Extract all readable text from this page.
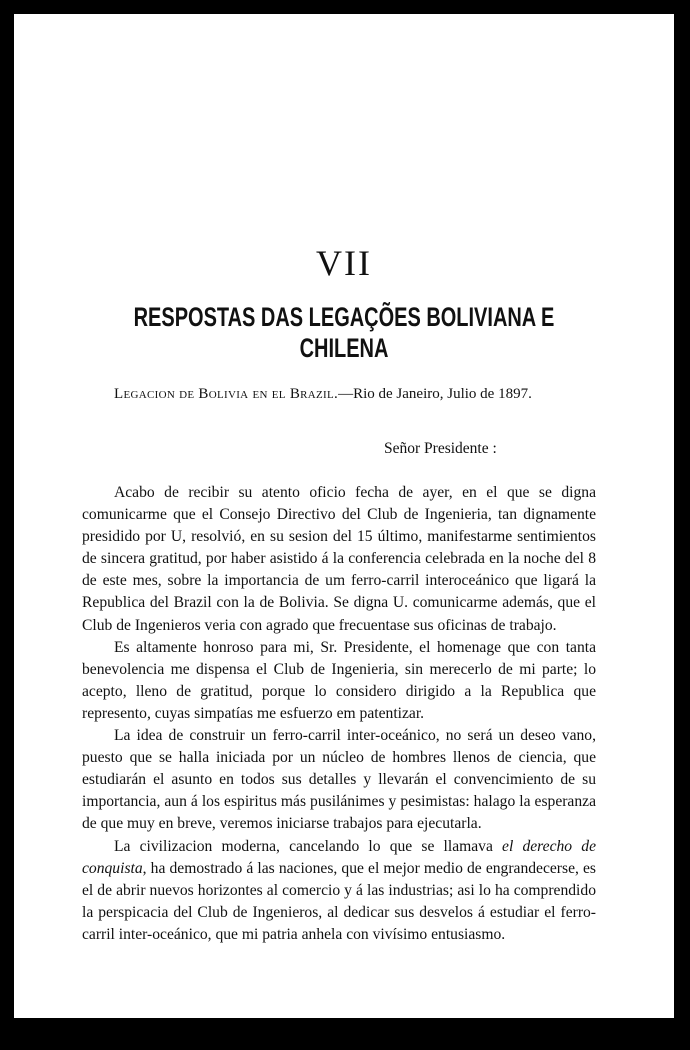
VII
RESPOSTAS DAS LEGAÇÕES BOLIVIANA E CHILENA
Legacion de Bolivia en el Brazil.—Rio de Janeiro, Julio de 1897.
Señor Presidente :

Acabo de recibir su atento oficio fecha de ayer, en el que se digna comunicarme que el Consejo Directivo del Club de Ingenieria, tan dignamente presidido por U, resolvió, en su sesion del 15 último, manifestarme sentimientos de sincera gratitud, por haber asistido á la conferencia celebrada en la noche del 8 de este mes, sobre la importancia de um ferro-carril interoceánico que ligará la Republica del Brazil con la de Bolivia. Se digna U. comunicarme además, que el Club de Ingenieros veria con agrado que frecuentase sus oficinas de trabajo.

Es altamente honroso para mi, Sr. Presidente, el homenage que con tanta benevolencia me dispensa el Club de Ingenieria, sin merecerlo de mi parte; lo acepto, lleno de gratitud, porque lo considero dirigido a la Republica que represento, cuyas simpatías me esfuerzo em patentizar.

La idea de construir un ferro-carril inter-oceánico, no será un deseo vano, puesto que se halla iniciada por un núcleo de hombres llenos de ciencia, que estudiarán el asunto en todos sus detalles y llevarán el convencimiento de su importancia, aun á los espiritus más pusilánimes y pesimistas: halago la esperanza de que muy en breve, veremos iniciarse trabajos para ejecutarla.

La civilizacion moderna, cancelando lo que se llamava el derecho de conquista, ha demostrado á las naciones, que el mejor medio de engrandecerse, es el de abrir nuevos horizontes al comercio y á las industrias; asi lo ha comprendido la perspicacia del Club de Ingenieros, al dedicar sus desvelos á estudiar el ferro-carril inter-oceánico, que mi patria anhela con vivísimo entusiasmo.
